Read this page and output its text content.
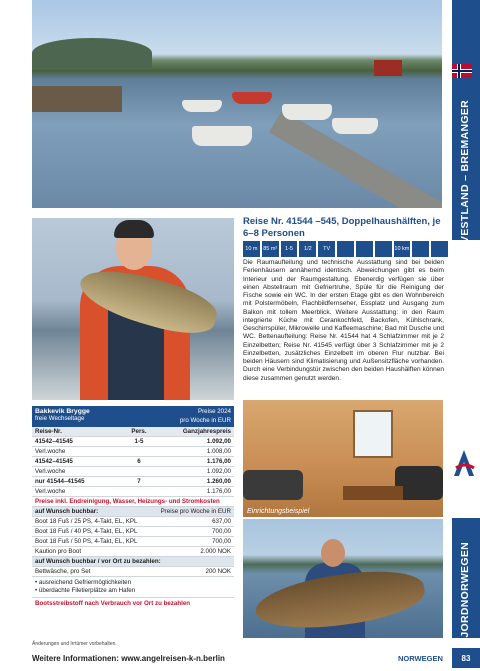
VESTLAND – BREMANGER
Reise Nr. 41544 –545, Doppelhaushälften, je 6–8 Personen
10 m	85 m²	1-5	1/2	TV	10 km
Die Raumaufteilung und technische Ausstattung sind bei beiden Ferienhäusern annähernd identisch. Abweichungen gibt es beim Interieur und der Raumgestaltung. Ebenerdig verfügen sie über einen Abstellraum mit Gefriertruhe, Spüle für die Reinigung der Fische sowie ein WC. In der ersten Etage gibt es den Wohnbereich mit Polstermöbeln, Flachbildfernseher, Essplatz und Ausgang zum Balkon mit tollem Meerblick. Weitere Ausstattung: in den Raum integrierte Küche mit Cerankochfeld, Backofen, Kühlschrank, Geschirrspüler, Mikrowelle und Kaffeemaschine; Bad mit Dusche und WC. Bettenaufteilung: Reise Nr. 41544 hat 4 Schlafzimmer mit je 2 Einzelbetten; Reise Nr. 41545 verfügt über 3 Schlafzimmer mit je 2 Einzelbetten, zusätzliches Einzelbett im oberen Flur nutzbar. Bei beiden Häusern sind Klimatisierung und Außensitzfläche vorhanden. Durch eine Verbindungstür zwischen den beiden Haushälften können diese zusammen genutzt werden.
Einrichtungsbeispiel
FJORDNORWEGEN
Bakkevik Brygge
freie Wechseltage
Preise 2024
pro Woche in EUR
Reise-Nr.	Pers.	Ganzjahrespreis
41542–41545	1-5	1.092,00
Verl.woche	1.008,00
41542–41545	6	1.176,00
Verl.woche	1.092,00
nur 41544–41545	7	1.260,00
Verl.woche	1.176,00
Preise inkl. Endreinigung, Wasser, Heizungs- und Stromkosten
auf Wunsch buchbar:	Preise pro Woche in EUR
Boot 18 Fuß / 25 PS, 4-Takt, EL, KPL	637,00
Boot 18 Fuß / 40 PS, 4-Takt, EL, KPL	700,00
Boot 18 Fuß / 50 PS, 4-Takt, EL, KPL	700,00
Kaution pro Boot	2.000 NOK
auf Wunsch buchbar / vor Ort zu bezahlen:
Bettwäsche, pro Set	200 NOK
• ausreichend Gefriermöglichkeiten
• überdachte Filetierplätze am Hafen
Bootsstreibstoff nach Verbrauch vor Ort zu bezahlen
Änderungen und Irrtümer vorbehalten.
Weitere Informationen: www.angelreisen-k-n.berlin	NORWEGEN	83
